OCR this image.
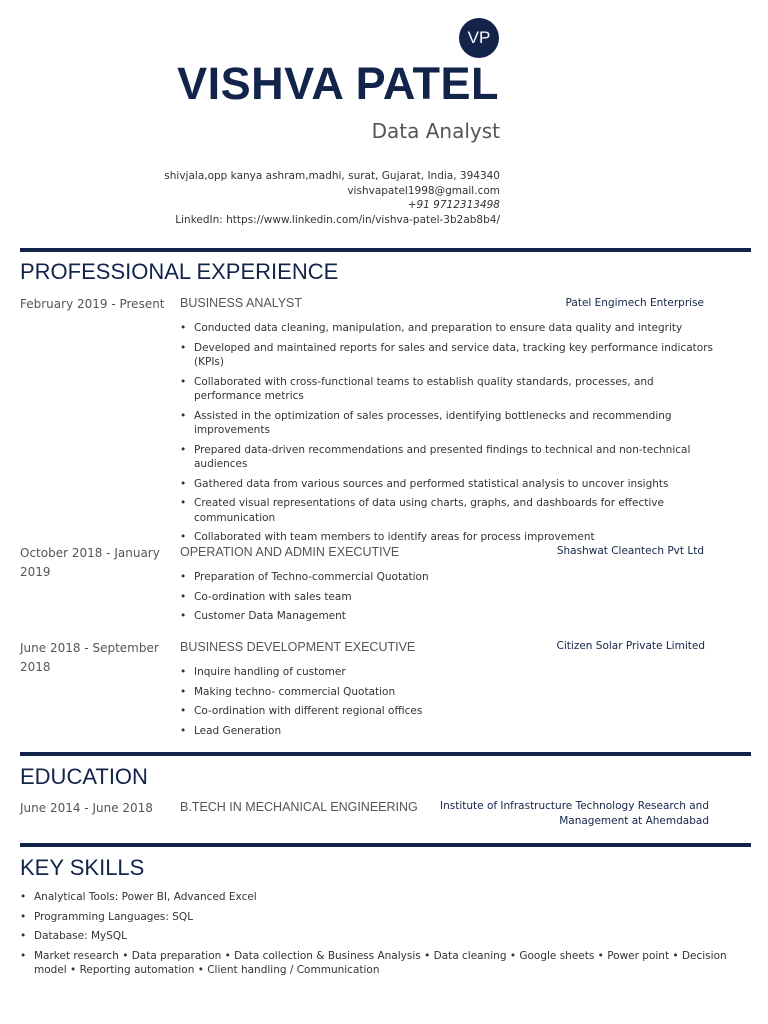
VP
VISHVA PATEL
Data Analyst
shivjala,opp kanya ashram,madhi, surat, Gujarat, India, 394340
vishvapatel1998@gmail.com
+91 9712313498
LinkedIn: https://www.linkedin.com/in/vishva-patel-3b2ab8b4/
PROFESSIONAL EXPERIENCE
February 2019 - Present BUSINESS ANALYST	Patel Engimech Enterprise
• Conducted data cleaning, manipulation, and preparation to ensure data quality and integrity
• Developed and maintained reports for sales and service data, tracking key performance indicators (KPIs)
• Collaborated with cross-functional teams to establish quality standards, processes, and performance metrics
• Assisted in the optimization of sales processes, identifying bottlenecks and recommending improvements
• Prepared data-driven recommendations and presented findings to technical and non-technical audiences
• Gathered data from various sources and performed statistical analysis to uncover insights
• Created visual representations of data using charts, graphs, and dashboards for effective communication
• Collaborated with team members to identify areas for process improvement
October 2018 - January 2019
OPERATION AND ADMIN EXECUTIVE	Shashwat Cleantech Pvt Ltd
• Preparation of Techno-commercial Quotation
• Co-ordination with sales team
• Customer Data Management
June 2018 - September 2018
BUSINESS DEVELOPMENT EXECUTIVE	Citizen Solar Private Limited
• Inquire handling of customer
• Making techno- commercial Quotation
• Co-ordination with different regional offices
• Lead Generation
EDUCATION
June 2014 - June 2018	B.TECH IN MECHANICAL ENGINEERING Institute of Infrastructure Technology Research and
Management at Ahemdabad
KEY SKILLS
• Analytical Tools: Power BI, Advanced Excel
• Programming Languages: SQL
• Database: MySQL
• Market research • Data preparation • Data collection & Business Analysis • Data cleaning • Google sheets • Power point • Decision model • Reporting automation • Client handling / Communication
